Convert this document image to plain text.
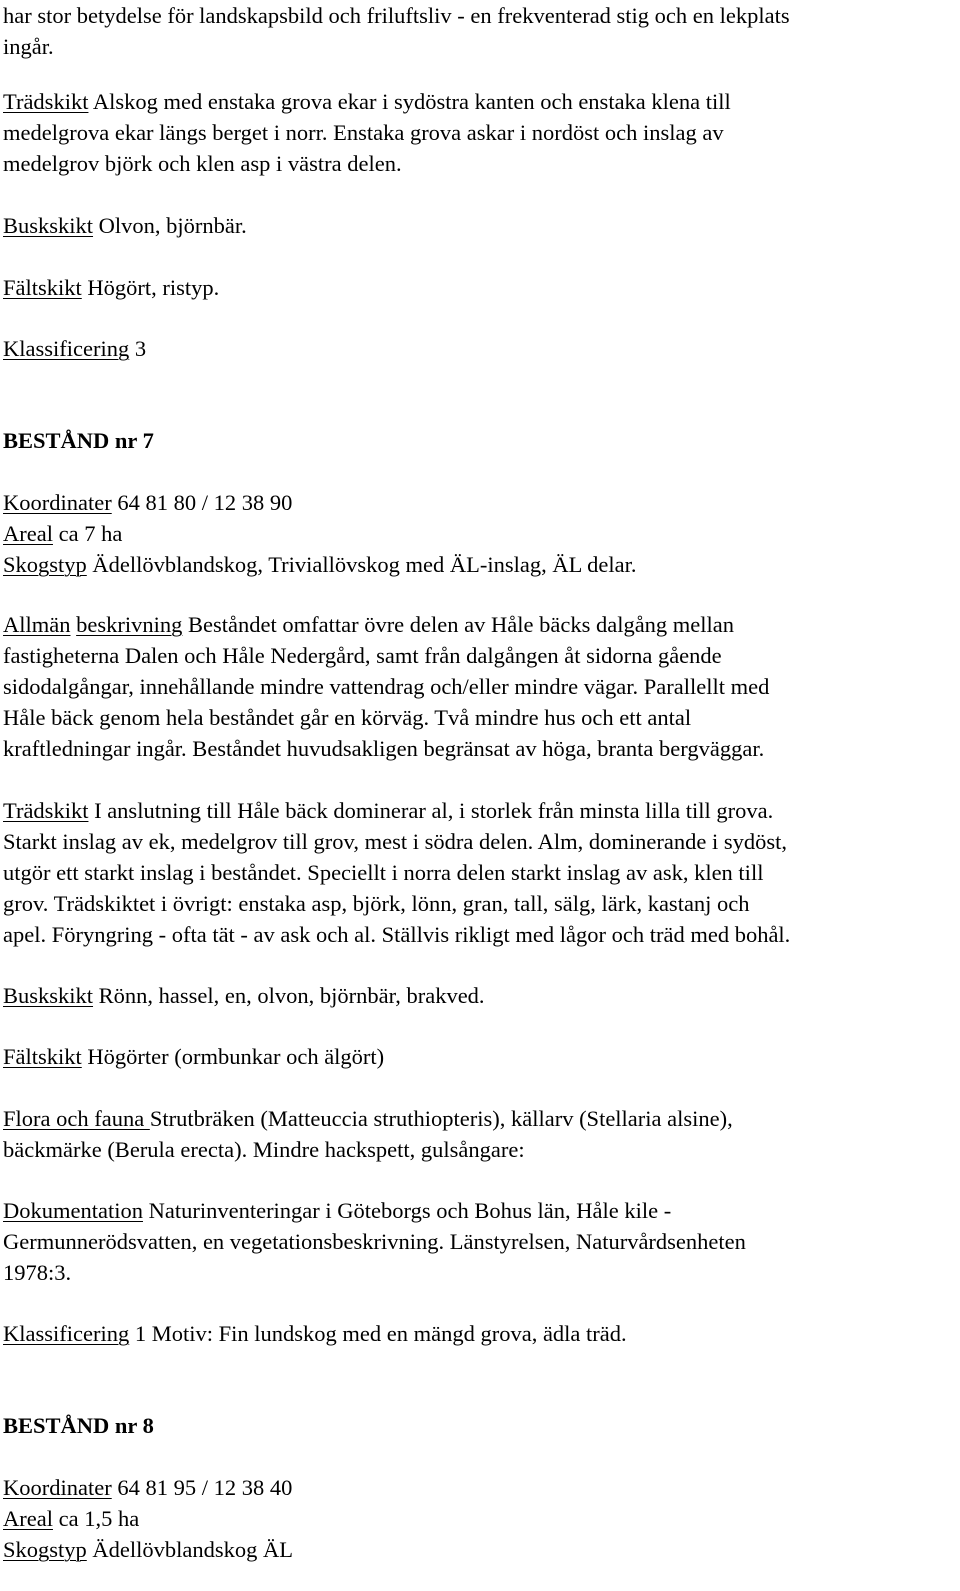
har stor betydelse för landskapsbild och friluftsliv - en frekventerad stig och en lekplats
ingår.
Trädskikt Alskog med enstaka grova ekar i sydöstra kanten och enstaka klena till
medelgrova ekar längs berget i norr. Enstaka grova askar i nordöst och inslag av
medelgrov björk och klen asp i västra delen.
Buskskikt Olvon, björnbär.
Fältskikt Högört, ristyp.
Klassificering 3
BESTÅND nr 7
Koordinater 64 81 80 / 12 38 90
Areal ca 7 ha
Skogstyp Ädellövblandskog, Triviallövskog med ÄL-inslag, ÄL delar.
Allmän beskrivning Beståndet omfattar övre delen av Håle bäcks dalgång mellan
fastigheterna Dalen och Håle Nedergård, samt från dalgången åt sidorna gående
sidodalgångar, innehållande mindre vattendrag och/eller mindre vägar. Parallellt med
Håle bäck genom hela beståndet går en körväg. Två mindre hus och ett antal
kraftledningar ingår. Beståndet huvudsakligen begränsat av höga, branta bergväggar.
Trädskikt I anslutning till Håle bäck dominerar al, i storlek från minsta lilla till grova.
Starkt inslag av ek, medelgrov till grov, mest i södra delen. Alm, dominerande i sydöst,
utgör ett starkt inslag i beståndet. Speciellt i norra delen starkt inslag av ask, klen till
grov. Trädskiktet i övrigt: enstaka asp, björk, lönn, gran, tall, sälg, lärk, kastanj och
apel. Föryngring - ofta tät - av ask och al. Ställvis rikligt med lågor och träd med bohål.
Buskskikt Rönn, hassel, en, olvon, björnbär, brakved.
Fältskikt Högörter (ormbunkar och älgört)
Flora och fauna Strutbräken (Matteuccia struthiopteris), källarv (Stellaria alsine),
bäckmärke (Berula erecta). Mindre hackspett, gulsångare:
Dokumentation Naturinventeringar i Göteborgs och Bohus län, Håle kile -
Germunnerödsvatten, en vegetationsbeskrivning. Länstyrelsen, Naturvårdsenheten
1978:3.
Klassificering 1 Motiv: Fin lundskog med en mängd grova, ädla träd.
BESTÅND nr 8
Koordinater 64 81 95 / 12 38 40
Areal ca 1,5 ha
Skogstyp Ädellövblandskog ÄL
